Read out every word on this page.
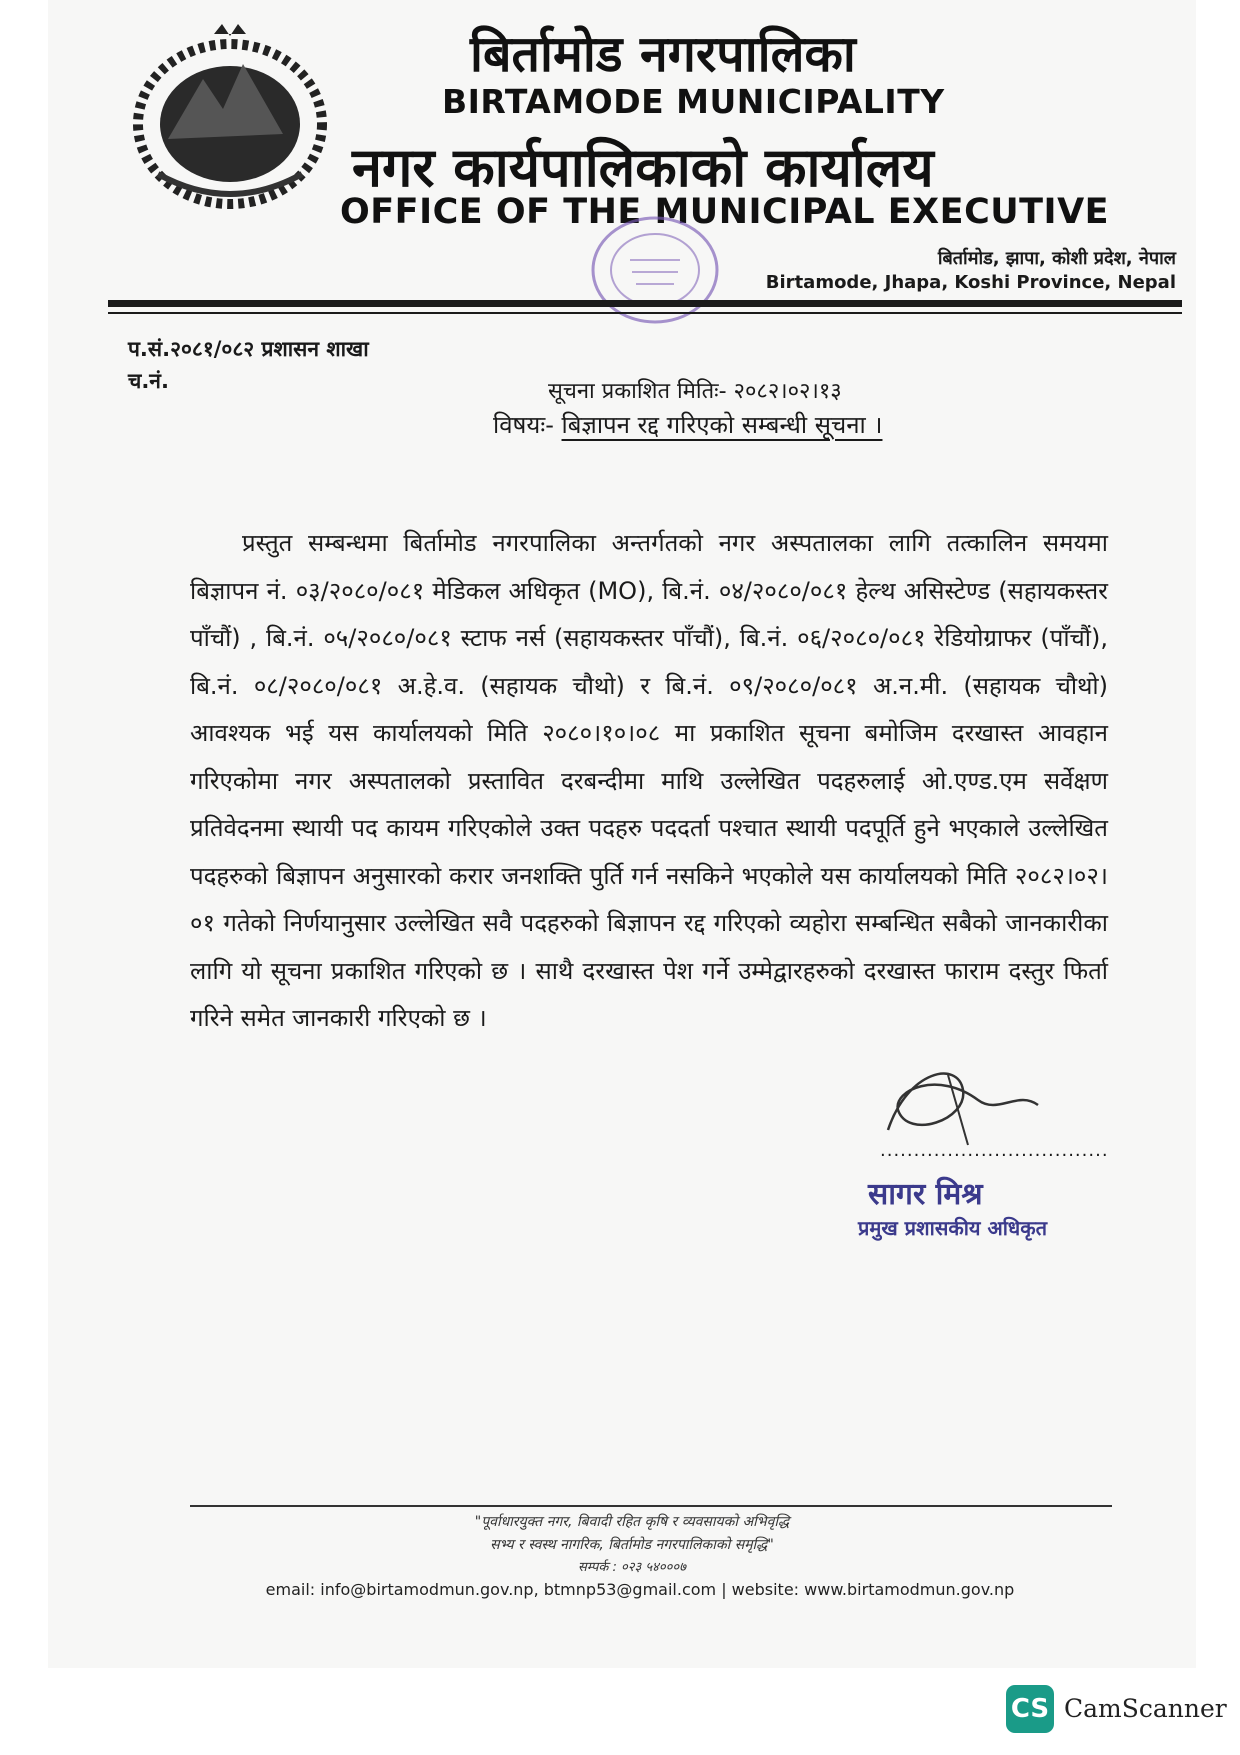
बिर्तामोड नगरपालिका
BIRTAMODE MUNICIPALITY
नगर कार्यपालिकाको कार्यालय
OFFICE OF THE MUNICIPAL EXECUTIVE
बिर्तामोड, झापा, कोशी प्रदेश, नेपाल
Birtamode, Jhapa, Koshi Province, Nepal
प.सं.२०८१/०८२ प्रशासन शाखा
च.नं.	सूचना प्रकाशित मितिः- २०८२।०२।१३
विषयः- बिज्ञापन रद्द गरिएको सम्बन्धी सूचना ।
प्रस्तुत सम्बन्धमा बिर्तामोड नगरपालिका अन्तर्गतको नगर अस्पतालका लागि तत्कालिन समयमा बिज्ञापन नं. ०३/२०८०/०८१ मेडिकल अधिकृत (MO), बि.नं. ०४/२०८०/०८१ हेल्थ असिस्टेण्ड (सहायकस्तर पाँचौं) , बि.नं. ०५/२०८०/०८१ स्टाफ नर्स (सहायकस्तर पाँचौं), बि.नं. ०६/२०८०/०८१ रेडियोग्राफर (पाँचौं), बि.नं. ०८/२०८०/०८१ अ.हे.व. (सहायक चौथो) र बि.नं. ०९/२०८०/०८१ अ.न.मी. (सहायक चौथो) आवश्यक भई यस कार्यालयको मिति २०८०।१०।०८ मा प्रकाशित सूचना बमोजिम दरखास्त आवहान गरिएकोमा नगर अस्पतालको प्रस्तावित दरबन्दीमा माथि उल्लेखित पदहरुलाई ओ.एण्ड.एम सर्वेक्षण प्रतिवेदनमा स्थायी पद कायम गरिएकोले उक्त पदहरु पददर्ता पश्चात स्थायी पदपूर्ति हुने भएकाले उल्लेखित पदहरुको बिज्ञापन अनुसारको करार जनशक्ति पुर्ति गर्न नसकिने भएकोले यस कार्यालयको मिति २०८२।०२।०१ गतेको निर्णयानुसार उल्लेखित सवै पदहरुको बिज्ञापन रद्द गरिएको व्यहोरा सम्बन्धित सबैको जानकारीका लागि यो सूचना प्रकाशित गरिएको छ । साथै दरखास्त पेश गर्ने उम्मेद्वारहरुको दरखास्त फाराम दस्तुर फिर्ता गरिने समेत जानकारी गरिएको छ ।
..................................
सागर मिश्र
प्रमुख प्रशासकीय अधिकृत
"पूर्वाधारयुक्त नगर, बिवादी रहित कृषि र व्यवसायको अभिवृद्धि
सभ्य र स्वस्थ नागरिक, बिर्तामोड नगरपालिकाको समृद्धि"
सम्पर्क : ०२३ ५४०००७
email: info@birtamodmun.gov.np, btmnp53@gmail.com | website: www.birtamodmun.gov.np
CS CamScanner
